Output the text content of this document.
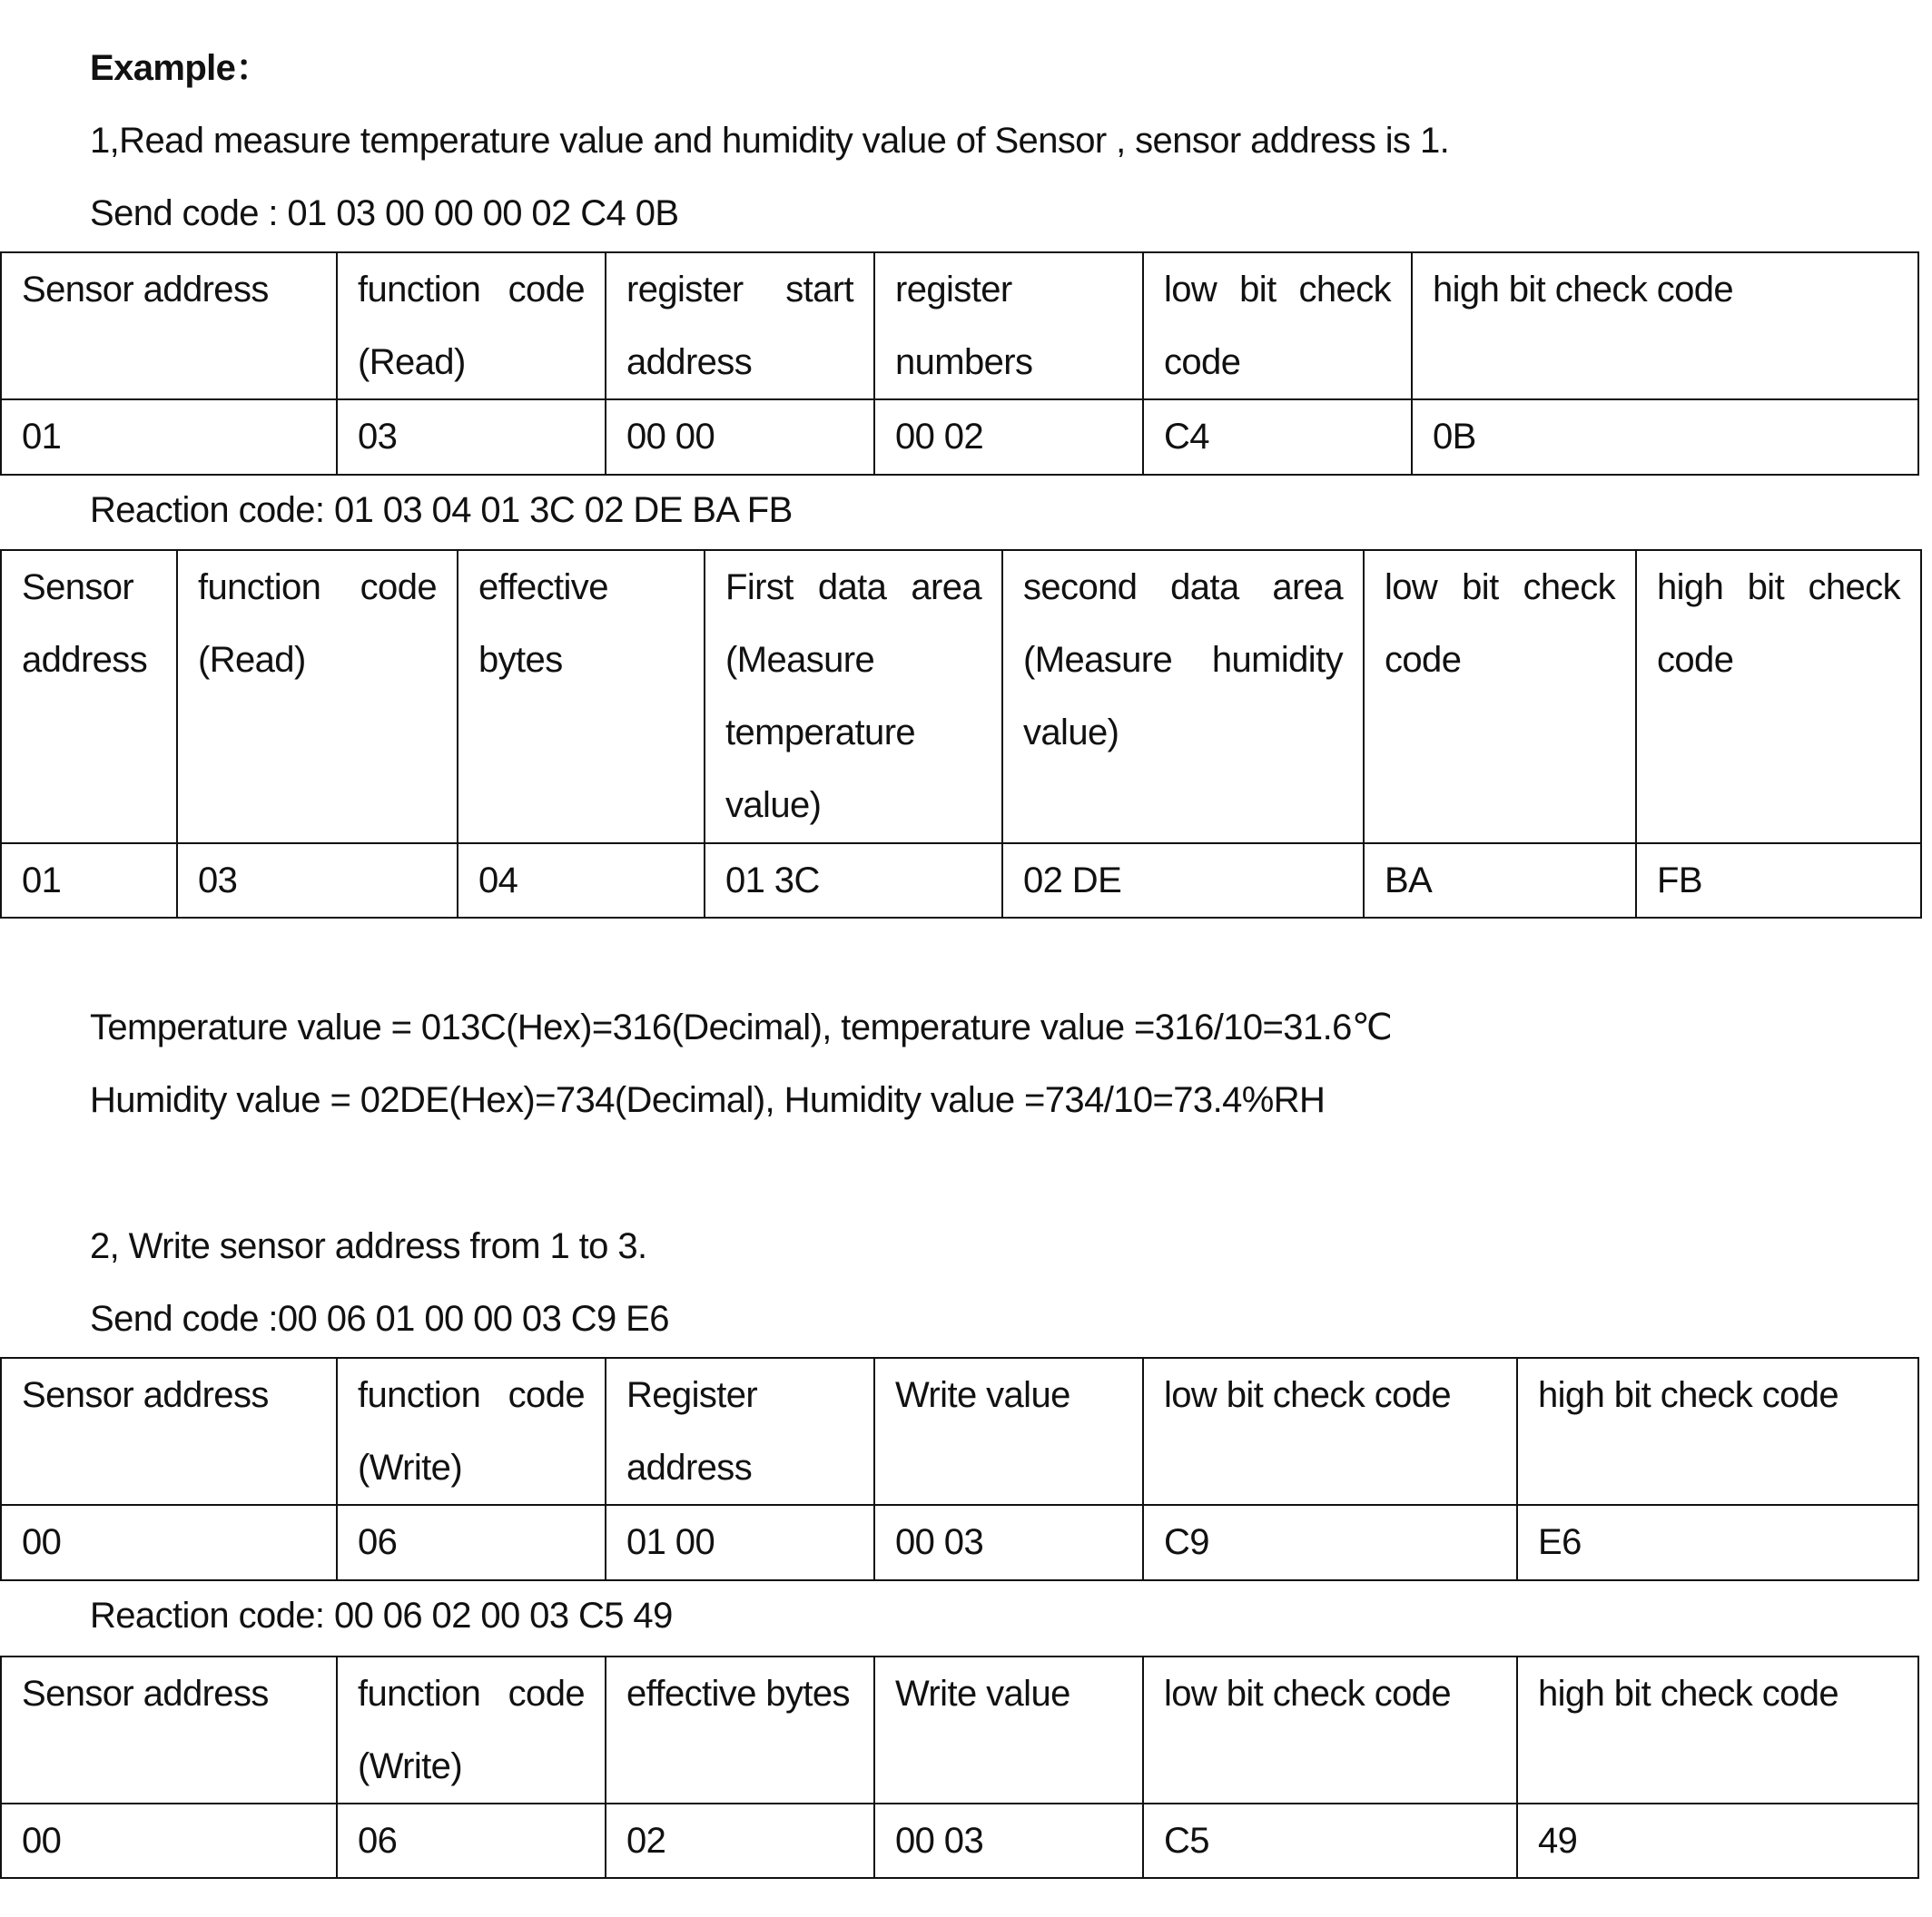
Example：
1,Read measure temperature value and humidity value of Sensor , sensor address is 1.
Send code : 01 03 00 00 00 02 C4 0B
Sensor address	function code (Read)	register start address	register numbers	low bit check code	high bit check code
01	03	00 00	00 02	C4	0B
Reaction code: 01 03 04 01 3C 02 DE BA FB
Sensor address	function code (Read)	effective bytes	First data area (Measure temperature value)	second data area (Measure humidity value)	low bit check code	high bit check code
01	03	04	01 3C	02 DE	BA	FB
Temperature value = 013C(Hex)=316(Decimal), temperature value =316/10=31.6℃
Humidity value = 02DE(Hex)=734(Decimal), Humidity value =734/10=73.4%RH
2, Write sensor address from 1 to 3.
Send code :00 06 01 00 00 03 C9 E6
Sensor address	function code (Write)	Register address	Write value	low bit check code	high bit check code
00	06	01 00	00 03	C9	E6
Reaction code: 00 06 02 00 03 C5 49
Sensor address	function code (Write)	effective bytes	Write value	low bit check code	high bit check code
00	06	02	00 03	C5	49
